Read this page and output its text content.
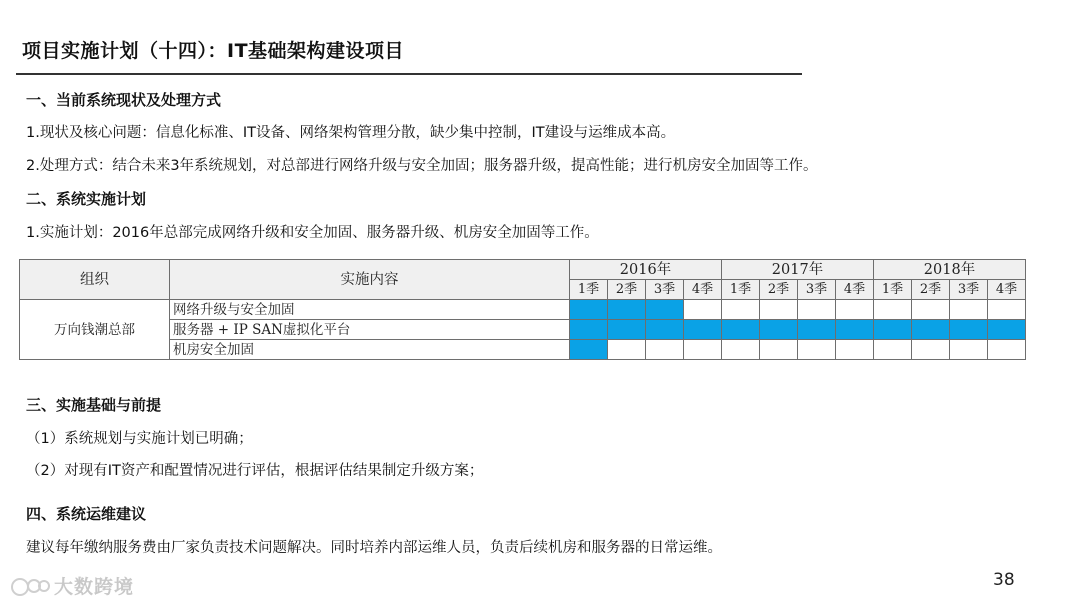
项目实施计划（十四）：IT基础架构建设项目
一、当前系统现状及处理方式
1.现状及核心问题：信息化标准、IT设备、网络架构管理分散，缺少集中控制，IT建设与运维成本高。
2.处理方式：结合未来3年系统规划，对总部进行网络升级与安全加固；服务器升级，提高性能；进行机房安全加固等工作。
二、系统实施计划
1.实施计划：2016年总部完成网络升级和安全加固、服务器升级、机房安全加固等工作。
组织	实施内容	2016年				2017年				2018年			
		1季	2季	3季	4季	1季	2季	3季	4季	1季	2季	3季	4季
万向钱潮总部	网络升级与安全加固												
	服务器 + IP SAN虚拟化平台												
	机房安全加固												
三、实施基础与前提
（1）系统规划与实施计划已明确；
（2）对现有IT资产和配置情况进行评估，根据评估结果制定升级方案；
四、系统运维建议
建议每年缴纳服务费由厂家负责技术问题解决。同时培养内部运维人员，负责后续机房和服务器的日常运维。
大数跨境	38
